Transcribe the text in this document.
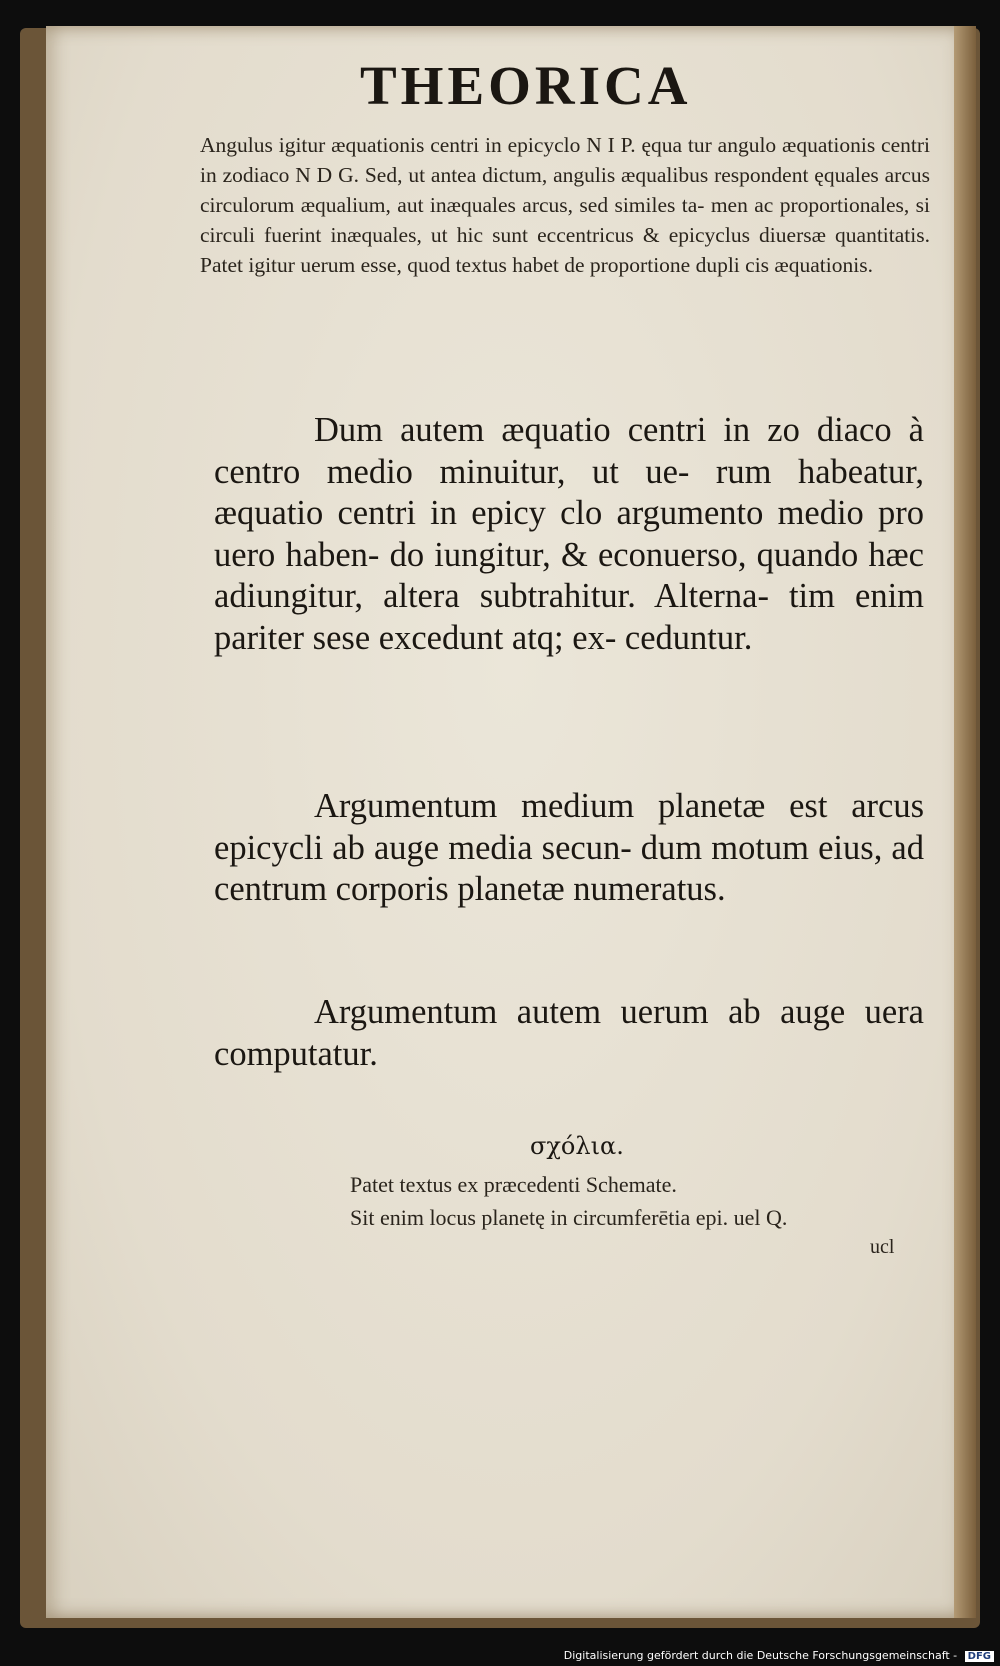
THEORICA

Angulus igitur æquationis centri in epicyclo N I P. ęqua tur angulo æquationis centri in zodiaco N D G. Sed, ut antea dictum, angulis æqualibus respondent ęquales arcus circulorum æqualium, aut inæquales arcus, sed similes ta- men ac proportionales, si circuli fuerint inæquales, ut hic sunt eccentricus & epicyclus diuersæ quantitatis. Patet igitur uerum esse, quod textus habet de proportione dupli cis æquationis.

Dum autem æquatio centri in zo diaco à centro medio minuitur, ut ue- rum habeatur, æquatio centri in epicy clo argumento medio pro uero haben- do iungitur, & econuerso, quando hæc adiungitur, altera subtrahitur. Alterna- tim enim pariter sese excedunt atq; ex- ceduntur.

Argumentum medium planetæ est arcus epicycli ab auge media secun- dum motum eius, ad centrum corporis planetæ numeratus.

Argumentum autem uerum ab auge uera computatur.

σχόλια.
Patet textus ex præcedenti Schemate.
Sit enim locus planetę in circumferētia epi. uel Q.
ucl
Digitalisierung gefördert durch die Deutsche Forschungsgemeinschaft - DFG
